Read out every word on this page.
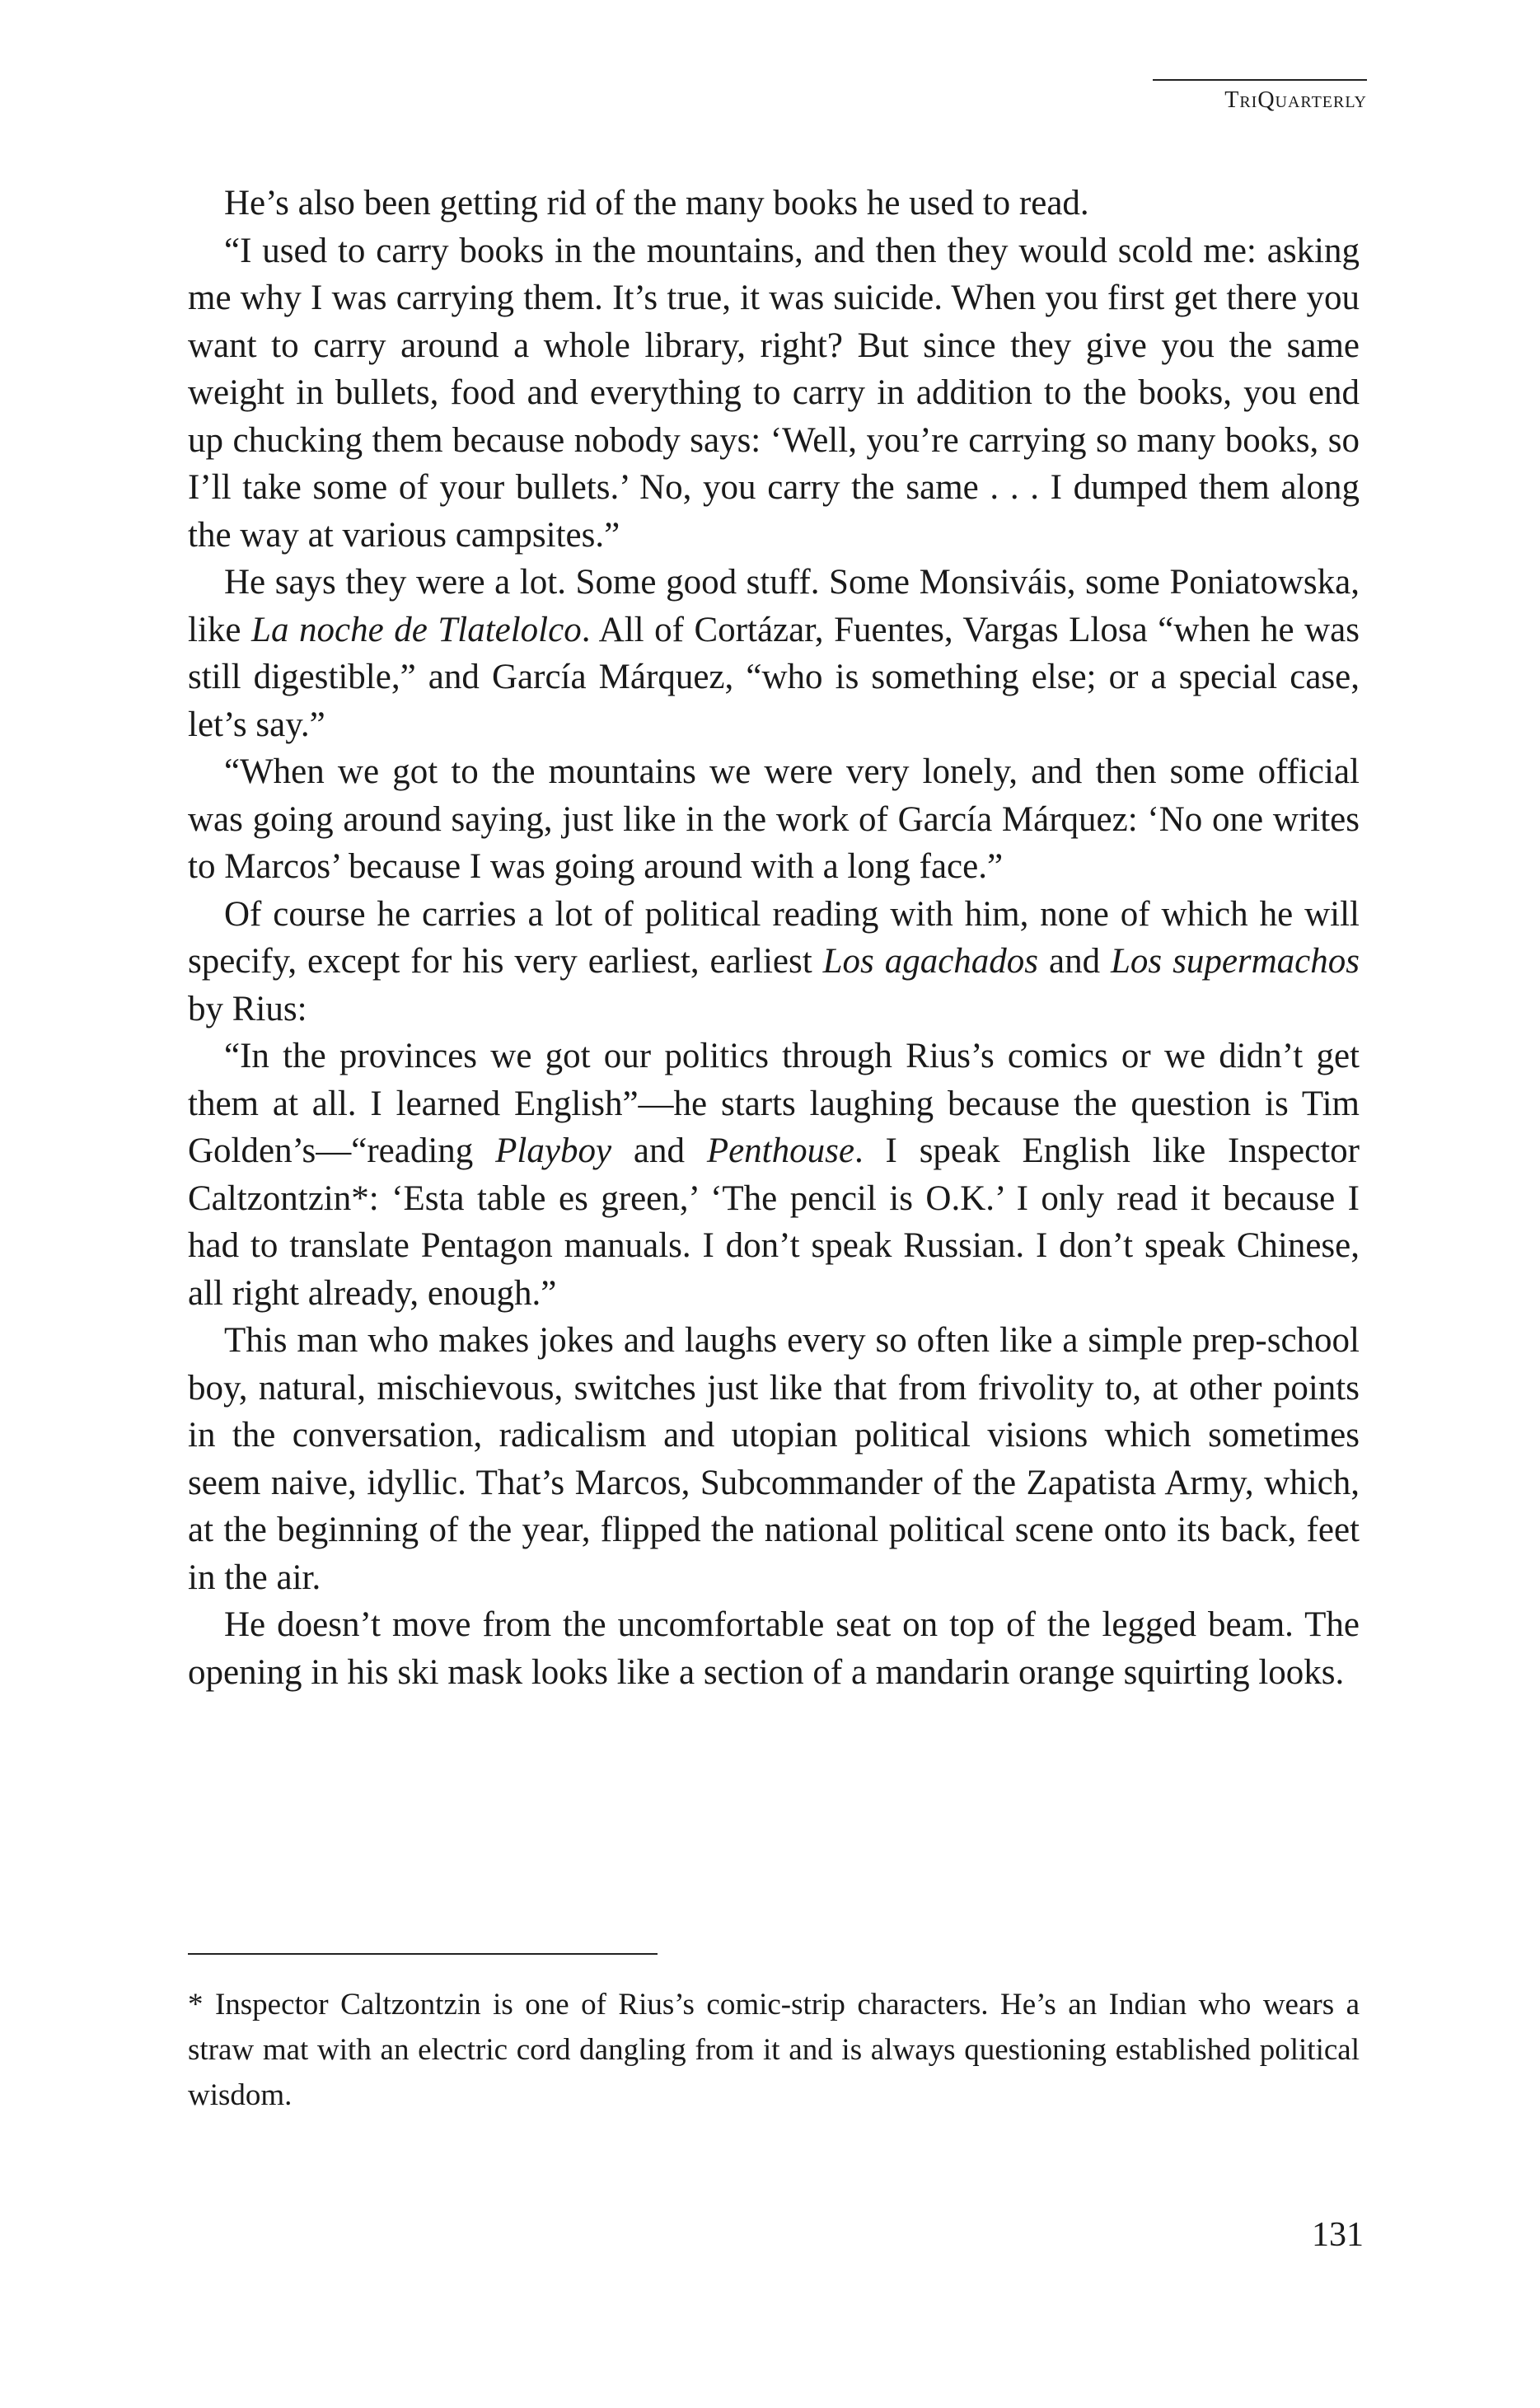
TriQuarterly

He’s also been getting rid of the many books he used to read.

“I used to carry books in the mountains, and then they would scold me: asking me why I was carrying them. It’s true, it was suicide. When you first get there you want to carry around a whole library, right? But since they give you the same weight in bullets, food and everything to carry in addition to the books, you end up chucking them because nobody says: ‘Well, you’re carrying so many books, so I’ll take some of your bullets.’ No, you carry the same . . . I dumped them along the way at various campsites.”

He says they were a lot. Some good stuff. Some Monsiváis, some Poniatowska, like La noche de Tlatelolco. All of Cortázar, Fuentes, Vargas Llosa “when he was still digestible,” and García Márquez, “who is something else; or a special case, let’s say.”

“When we got to the mountains we were very lonely, and then some official was going around saying, just like in the work of García Márquez: ‘No one writes to Marcos’ because I was going around with a long face.”

Of course he carries a lot of political reading with him, none of which he will specify, except for his very earliest, earliest Los agachados and Los supermachos by Rius:

“In the provinces we got our politics through Rius’s comics or we didn’t get them at all. I learned English”—he starts laughing because the question is Tim Golden’s—“reading Playboy and Penthouse. I speak English like Inspector Caltzontzin*: ‘Esta table es green,’ ‘The pencil is O.K.’ I only read it because I had to translate Pentagon manuals. I don’t speak Russian. I don’t speak Chinese, all right already, enough.”

This man who makes jokes and laughs every so often like a simple prep-school boy, natural, mischievous, switches just like that from frivolity to, at other points in the conversation, radicalism and utopian political visions which sometimes seem naive, idyllic. That’s Marcos, Subcommander of the Zapatista Army, which, at the beginning of the year, flipped the national political scene onto its back, feet in the air.

He doesn’t move from the uncomfortable seat on top of the legged beam. The opening in his ski mask looks like a section of a mandarin orange squirting looks.

* Inspector Caltzontzin is one of Rius’s comic-strip characters. He’s an Indian who wears a straw mat with an electric cord dangling from it and is always questioning established political wisdom.

131
